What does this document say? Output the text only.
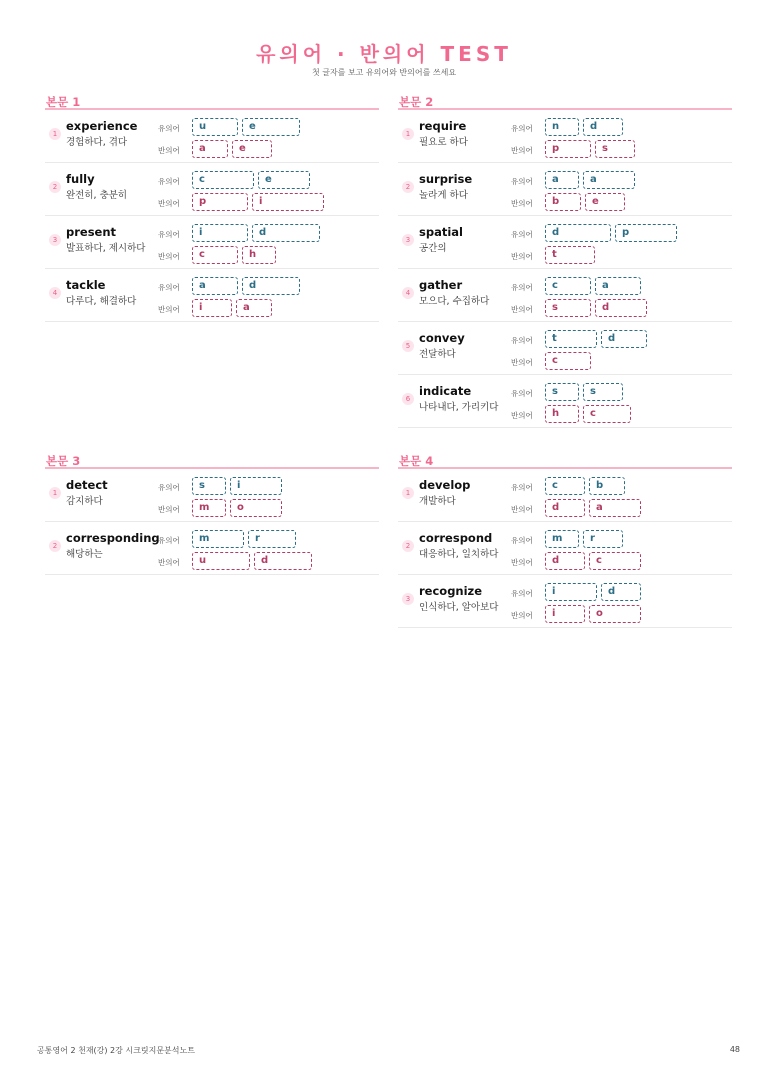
유의어 · 반의어 TEST
첫 글자를 보고 유의어와 반의어를 쓰세요
본문 1
1
experience
경험하다, 겪다
유의어
반의어
u	e
a	e
2
fully
완전히, 충분히
유의어
반의어
c	e
p	i
3
present
발표하다, 제시하다
유의어
반의어
i	d
c	h
4
tackle
다루다, 해결하다
유의어
반의어
a	d
i	a
본문 2
1
require
필요로 하다
유의어
반의어
n	d
p	s
2
surprise
놀라게 하다
유의어
반의어
a	a
b	e
3
spatial
공간의
유의어
반의어
d	p
t
4
gather
모으다, 수집하다
유의어
반의어
c	a
s	d
5
convey
전달하다
유의어
반의어
t	d
c
6
indicate
나타내다, 가리키다
유의어
반의어
s	s
h	c
본문 3
1
detect
감지하다
유의어
반의어
s	i
m	o
2
corresponding
해당하는
유의어
반의어
m	r
u	d
본문 4
1
develop
개발하다
유의어
반의어
c	b
d	a
2
correspond
대응하다, 일치하다
유의어
반의어
m	r
d	c
3
recognize
인식하다, 알아보다
유의어
반의어
i	d
i	o
공통영어 2 천재(강) 2강 시크릿지문분석노트	48
